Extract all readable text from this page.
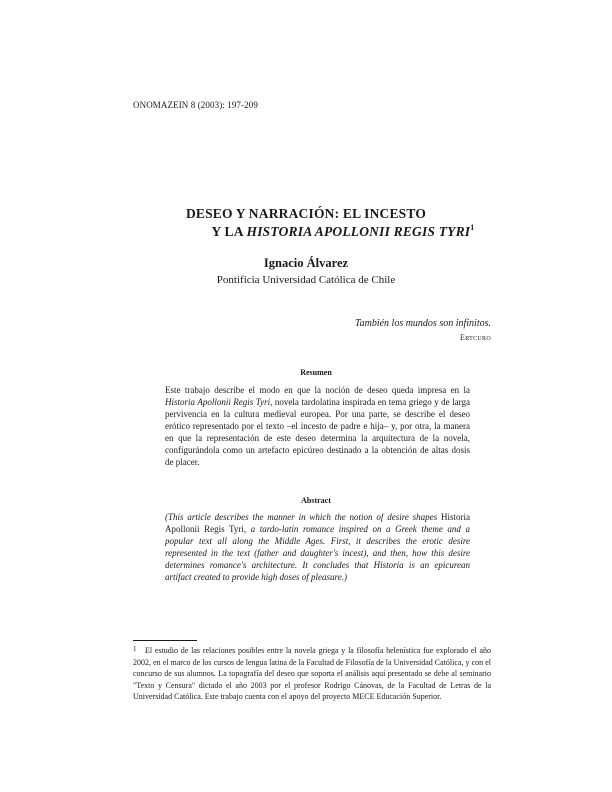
ONOMAZEIN 8 (2003): 197-209
DESEO Y NARRACIÓN: EL INCESTO
Y LA HISTORIA APOLLONII REGIS TYRI$^1$
Ignacio Álvarez
Pontificia Universidad Católica de Chile
También los mundos son infinitos.
Ertcuro
Resumen
Este trabajo describe el modo en que la noción de deseo queda impresa en la Historia Apollonii Regis Tyri, novela tardolatina inspirada en tema griego y de larga pervivencia en la cultura medieval europea. Por una parte, se describe el deseo erótico representado por el texto –el incesto de padre e hija– y, por otra, la manera en que la representación de este deseo determina la arquitectura de la novela, configurándola como un artefacto epicúreo destinado a la obtención de altas dosis de placer.
Abstract
(This article describes the manner in which the notion of desire shapes Historia Apollonii Regis Tyri, a tardo-latin romance inspired on a Greek theme and a popular text all along the Middle Ages. First, it describes the erotic desire represented in the text (father and daughter's incest), and then, how this desire determines romance's architecture. It concludes that Historia is an epicurean artifact created to provide high doses of pleasure.)
1 El estudio de las relaciones posibles entre la novela griega y la filosofía helenística fue explorado el año 2002, en el marco de los cursos de lengua latina de la Facultad de Filosofía de la Universidad Católica, y con el concurso de sus alumnos. La topografía del deseo que soporta el análisis aquí presentado se debe al seminario "Texto y Censura" dictado el año 2003 por el profesor Rodrigo Cánovas, de la Facultad de Letras de la Universidad Católica. Este trabajo cuenta con el apoyo del proyecto MECE Educación Superior.
